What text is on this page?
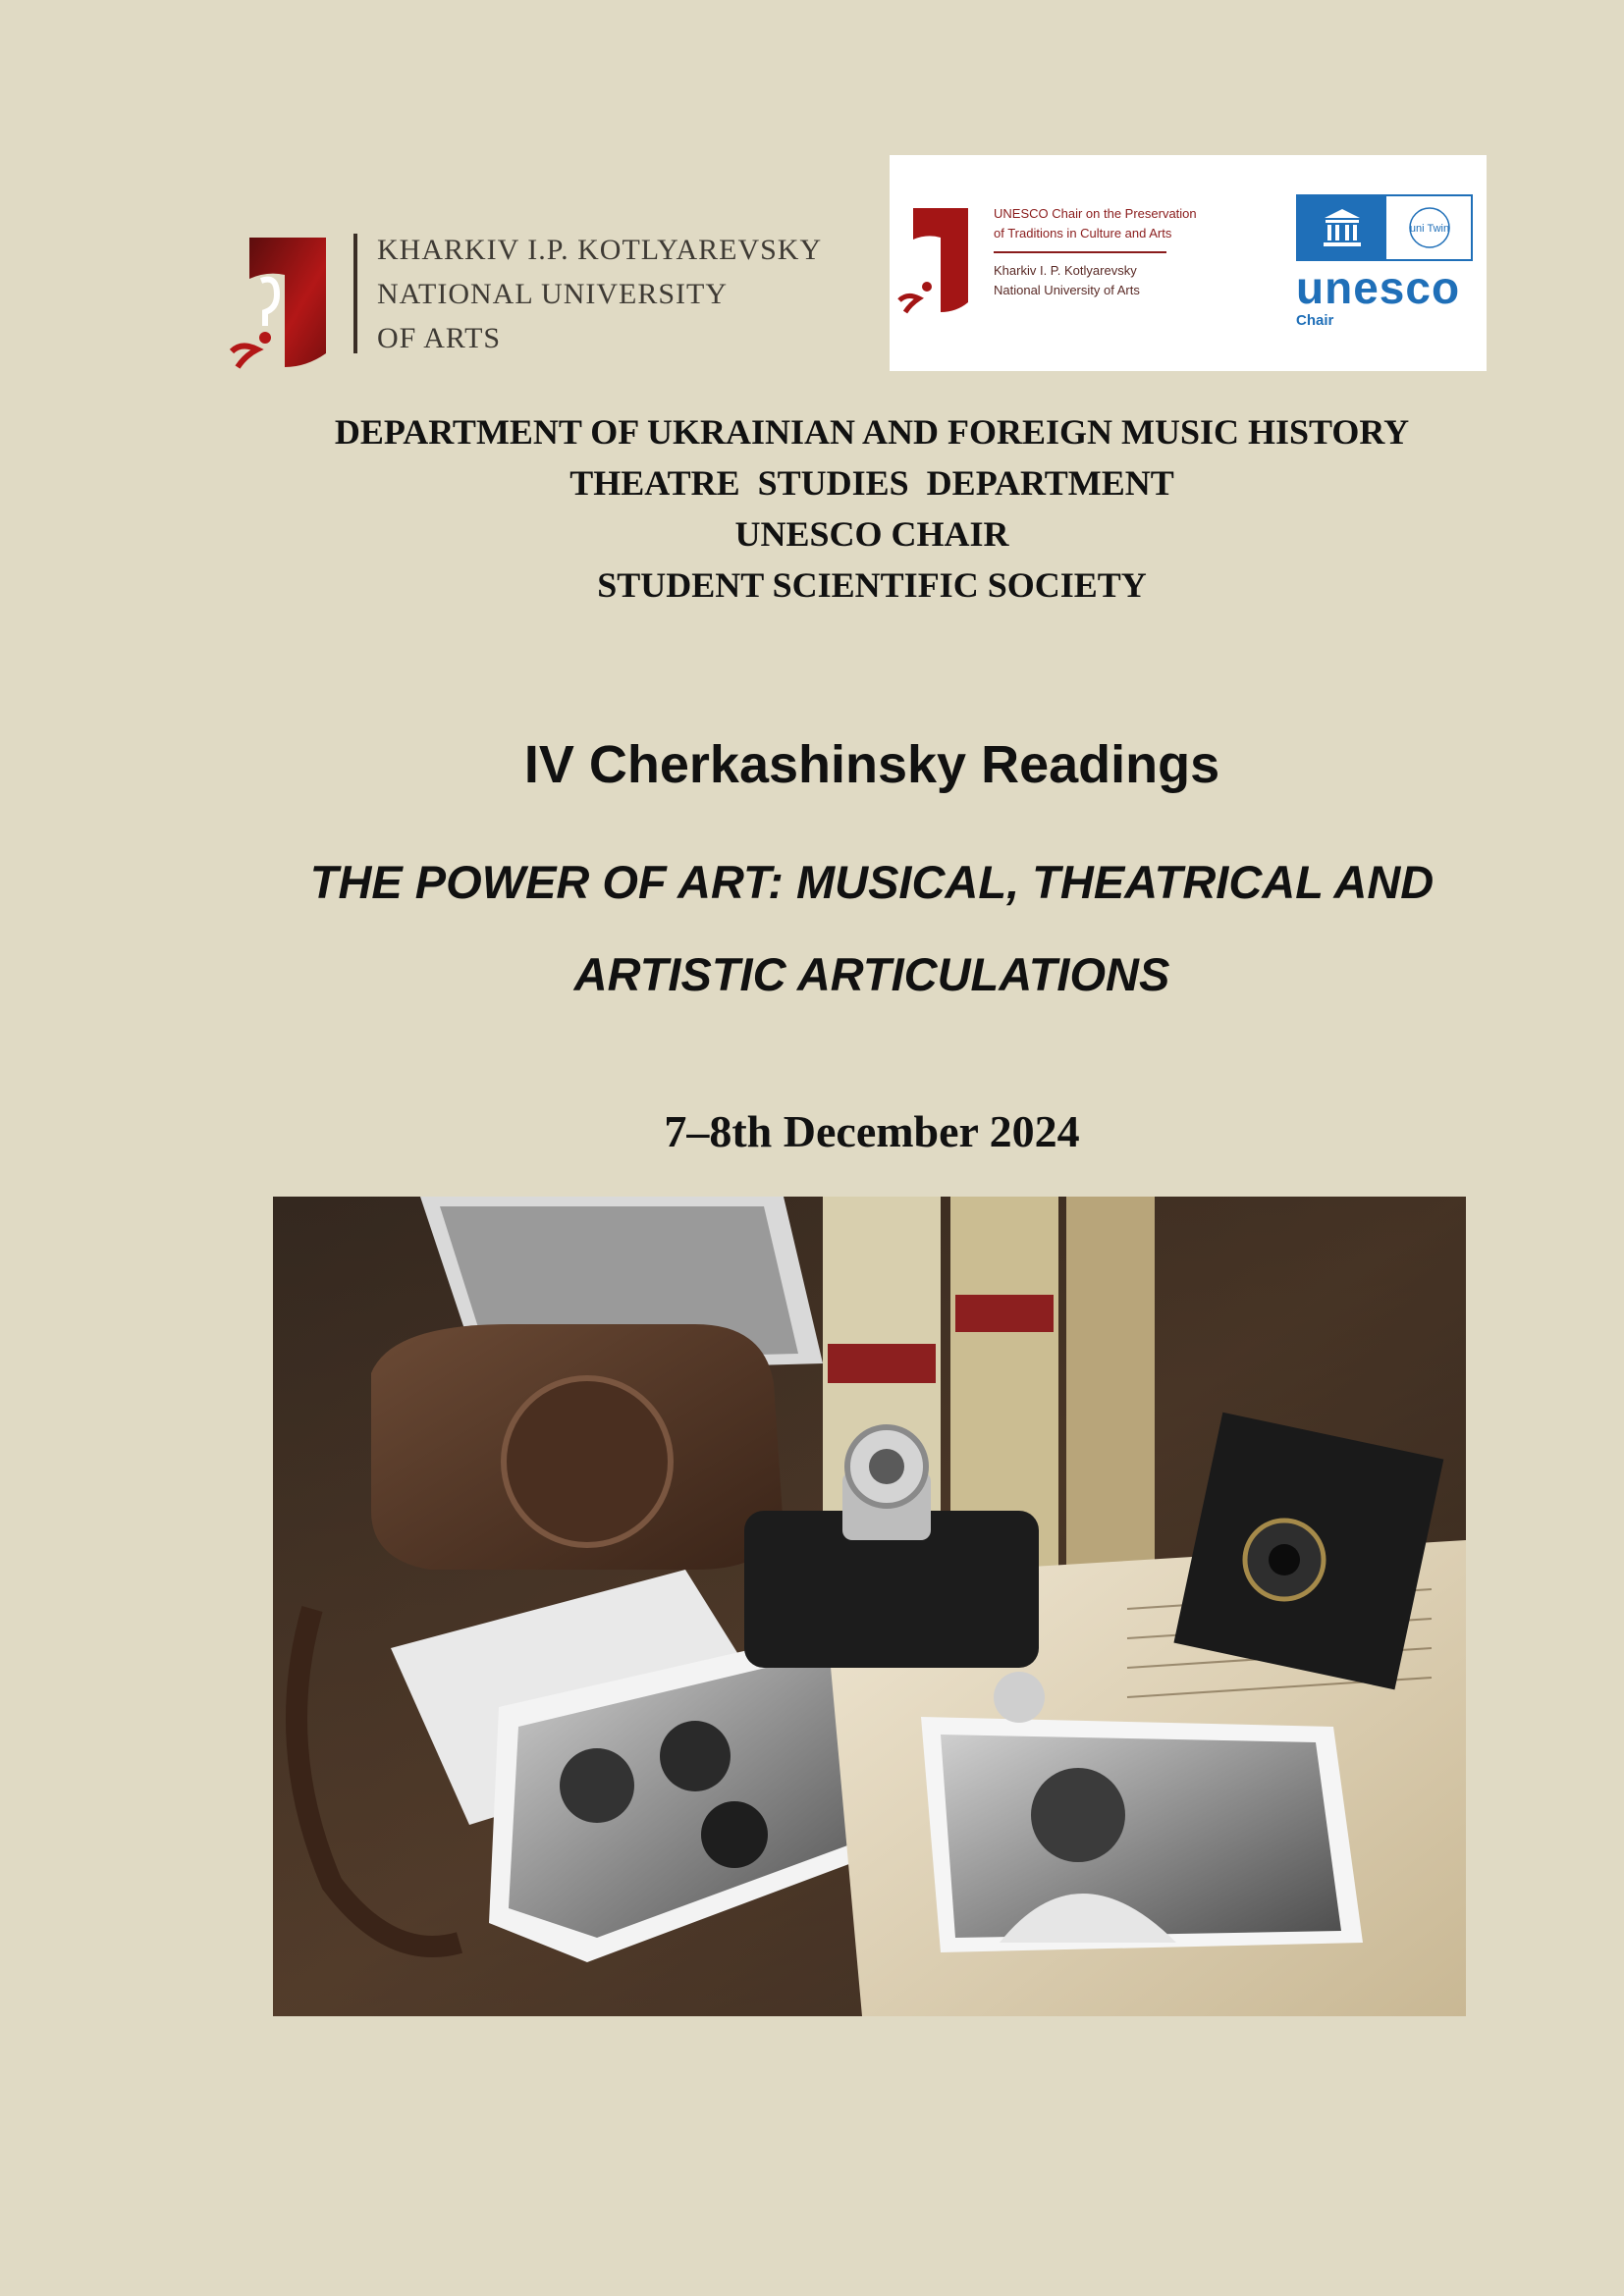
KHARKIV I.P. KOTLYAREVSKY
NATIONAL UNIVERSITY
OF ARTS
UNESCO Chair on the Preservation
of Traditions in Culture and Arts
Kharkiv I. P. Kotlyarevsky
National University of Arts
uni Twin
unesco
Chair
DEPARTMENT OF UKRAINIAN AND FOREIGN MUSIC HISTORY
THEATRE  STUDIES  DEPARTMENT
UNESCO CHAIR
STUDENT SCIENTIFIC SOCIETY
IV Cherkashinsky Readings
THE POWER OF ART: MUSICAL, THEATRICAL AND
ARTISTIC ARTICULATIONS
7–8th December 2024
